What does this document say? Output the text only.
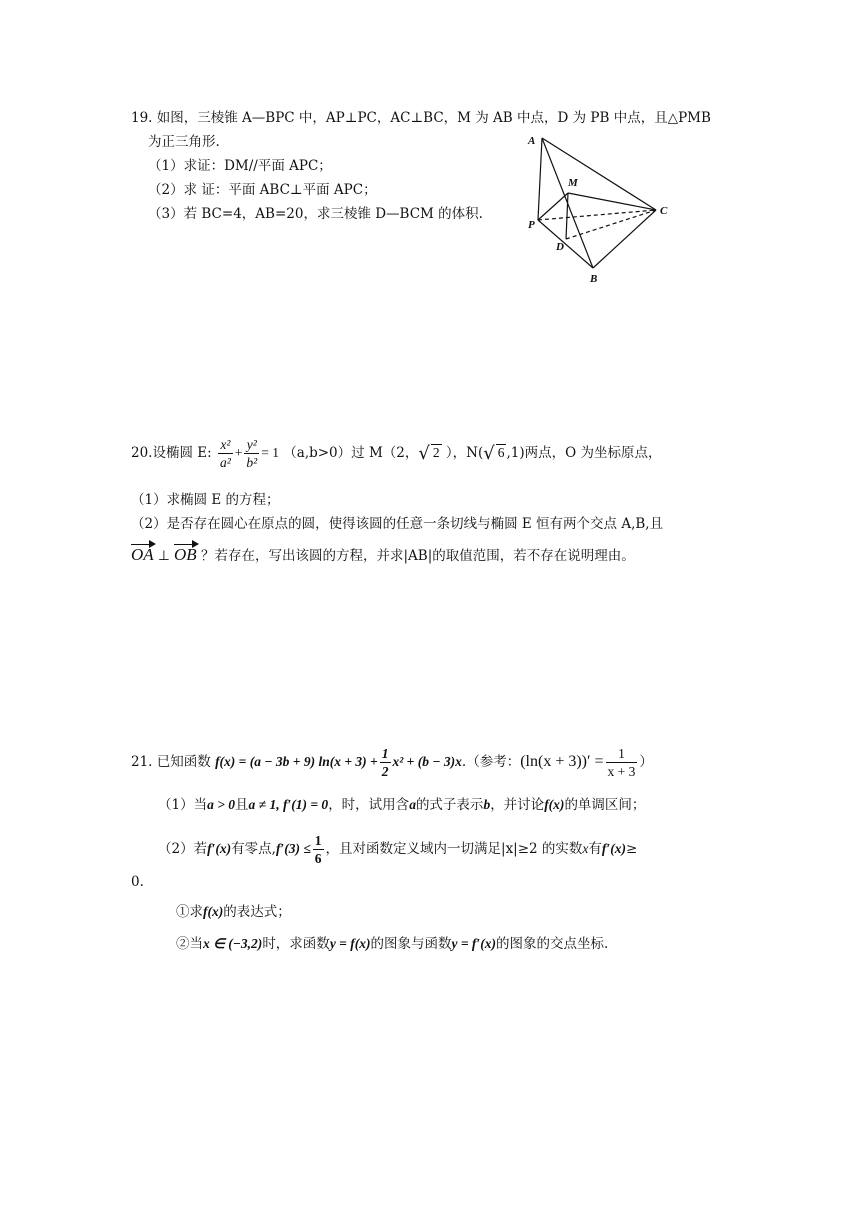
19. 如图，三棱锥 A—BPC 中，AP⊥PC，AC⊥BC，M 为 AB 中点，D 为 PB 中点，且△PMB
为正三角形.
（1）求证：DM//平面 APC；
（2）求 证：平面 ABC⊥平面 APC；
（3）若 BC=4，AB=20，求三棱锥 D—BCM 的体积.
A
M
C
P
D
B
20.设椭圆 E: $\frac{\text{x²}}{\text{a²}} + \frac{\text{y²}}{\text{b²}} = 1$ （a,b>0）过 M（2，√ 2 ），N(√ 6 ,1)两点，O 为坐标原点，
（1）求椭圆 E 的方程；
（2）是否存在圆心在原点的圆，使得该圆的任意一条切线与椭圆 E 恒有两个交点 A,B,且
OA ⊥ OB ？若存在，写出该圆的方程，并求|AB|的取值范围，若不存在说明理由。
21. 已知函数 f(x) = (a − 3b + 9) $\ln(x + 3) + \frac{1}{2} x^2 + (b - 3)x$.（参考：$(\ln(x + 3))' = \frac{1}{x + 3}$ ）
（1）当a > 0且a ≠ 1, f′(1) = 0，时，试用含a的式子表示b，并讨论f(x)的单调区间；
（2）若f′(x)有零点$,f'(3) \le \frac{1}{6}$ ，且对函数定义域内一切满足|x|≥2 的实数x有f′(x)≥
0.
①求f(x)的表达式；
②当x ∈ (−3,2)时，求函数y = f(x)的图象与函数y = f′(x)的图象的交点坐标.
